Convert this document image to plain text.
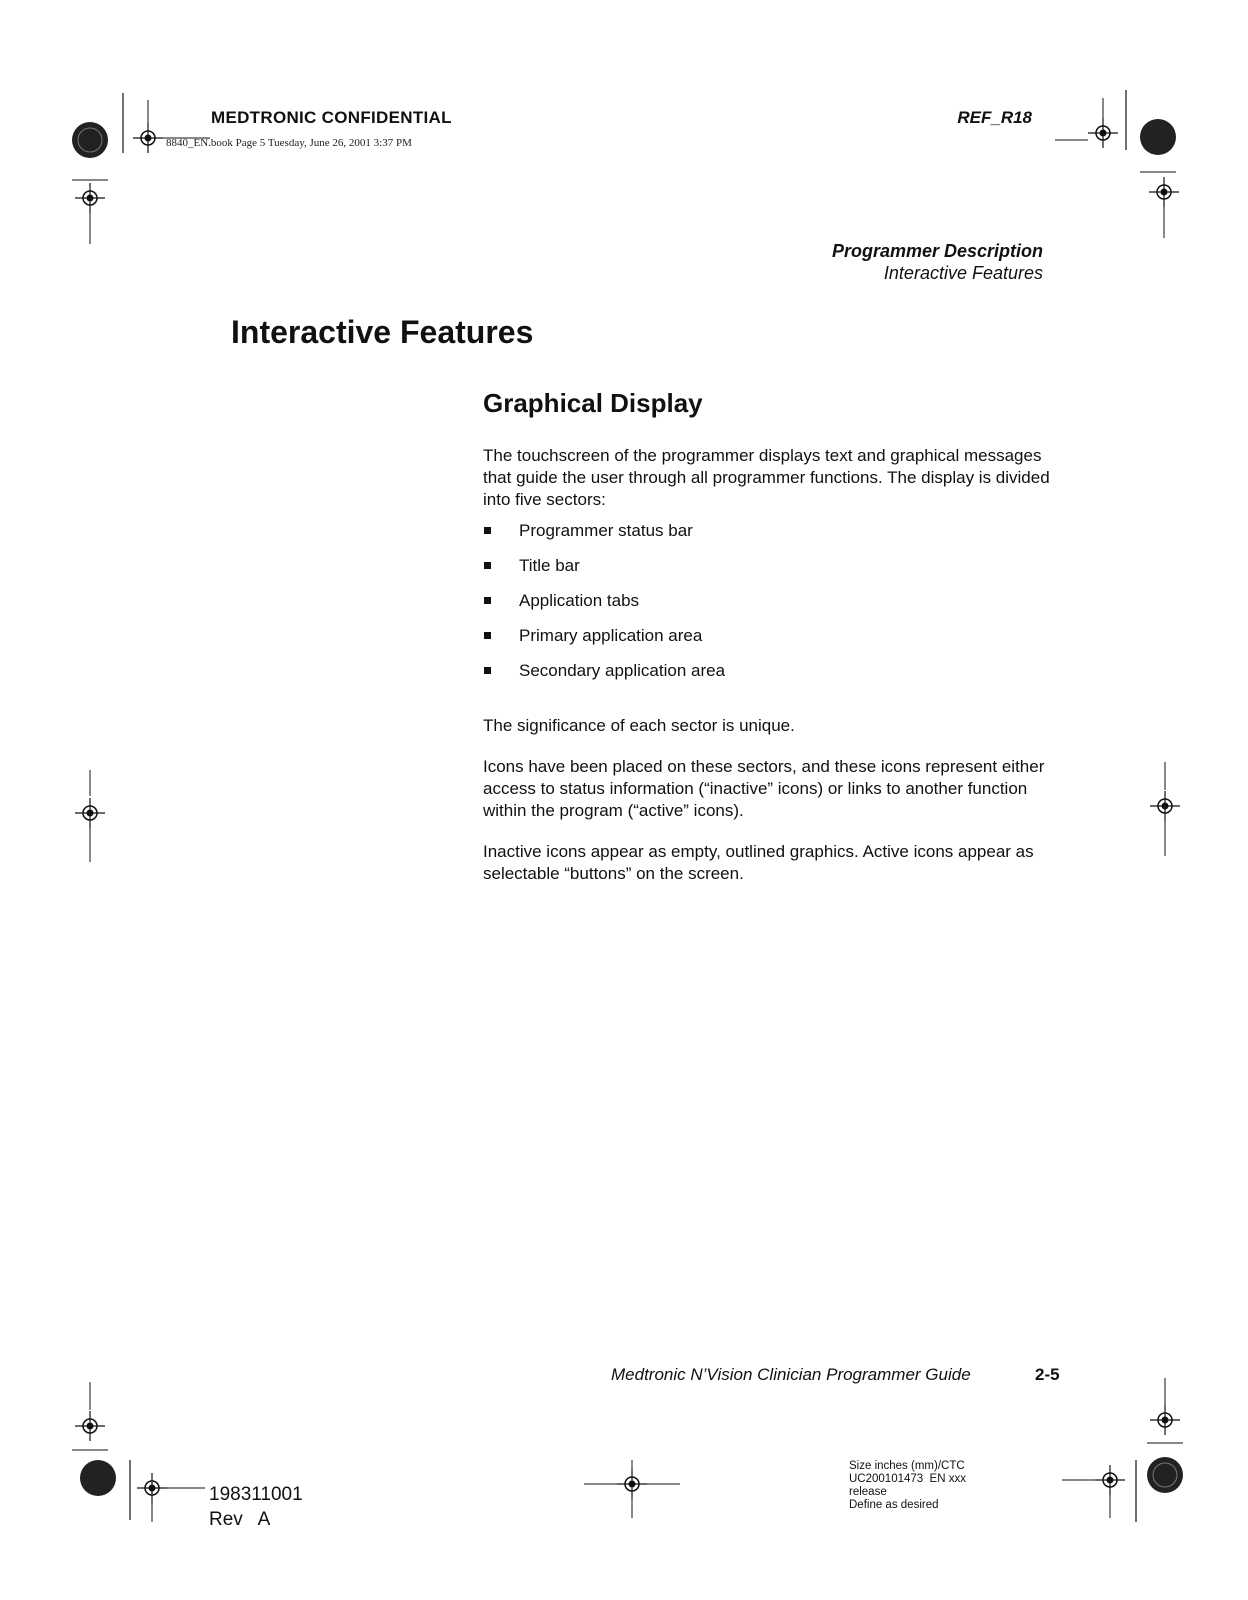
MEDTRONIC CONFIDENTIAL
8840_EN.book Page 5 Tuesday, June 26, 2001 3:37 PM
REF_R18
Programmer Description
Interactive Features
Interactive Features
Graphical Display
The touchscreen of the programmer displays text and graphical messages that guide the user through all programmer functions. The display is divided into five sectors:
Programmer status bar
Title bar
Application tabs
Primary application area
Secondary application area
The significance of each sector is unique.
Icons have been placed on these sectors, and these icons represent either access to status information (“inactive” icons) or links to another function within the program (“active” icons).
Inactive icons appear as empty, outlined graphics. Active icons appear as selectable “buttons” on the screen.
Medtronic N’Vision Clinician Programmer Guide	2-5
198311001
Rev   A
Size inches (mm)/CTC
UC200101473  EN xxx
release
Define as desired
